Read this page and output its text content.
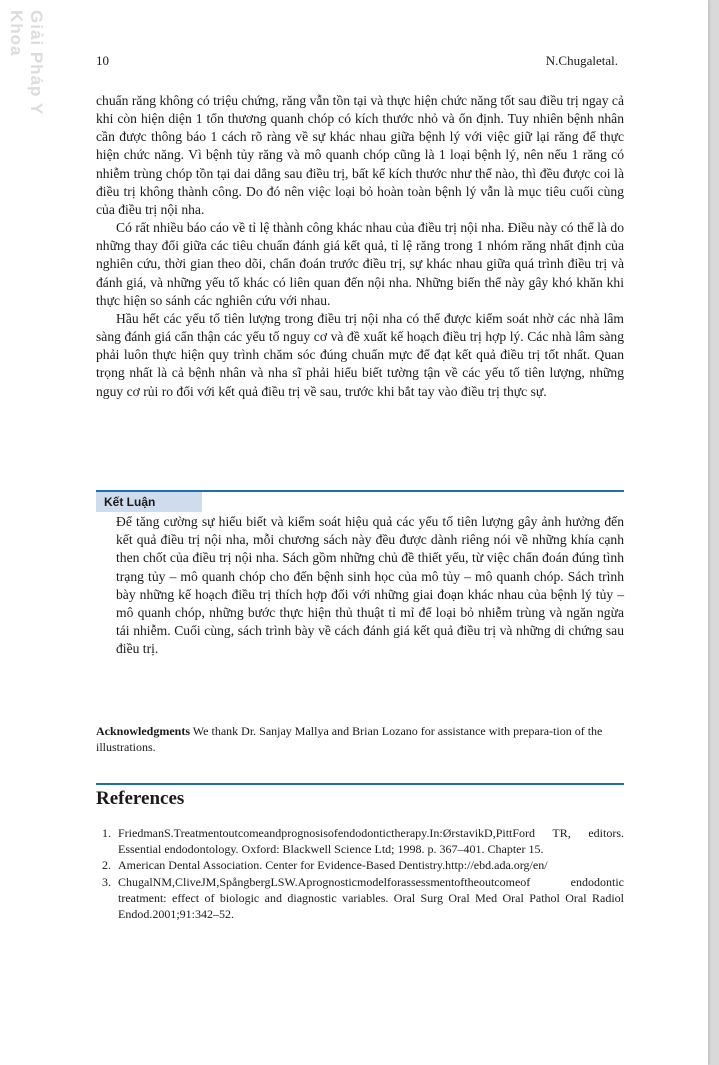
Giải Pháp Y Khoa
10	N.Chugaletal.

chuẩn răng không có triệu chứng, răng vẫn tồn tại và thực hiện chức năng tốt sau điều trị ngay cả khi còn hiện diện 1 tổn thương quanh chóp có kích thước nhỏ và ổn định. Tuy nhiên bệnh nhân cần được thông báo 1 cách rõ ràng về sự khác nhau giữa bệnh lý với việc giữ lại răng để thực hiện chức năng. Vì bệnh tủy răng và mô quanh chóp cũng là 1 loại bệnh lý, nên nếu 1 răng có nhiễm trùng chóp tồn tại dai dẳng sau điều trị, bất kể kích thước như thế nào, thì đều được coi là điều trị không thành công. Do đó nên việc loại bỏ hoàn toàn bệnh lý vẫn là mục tiêu cuối cùng của điều trị nội nha.

Có rất nhiều báo cáo về tỉ lệ thành công khác nhau của điều trị nội nha. Điều này có thể là do những thay đổi giữa các tiêu chuẩn đánh giá kết quả, tỉ lệ răng trong 1 nhóm răng nhất định của nghiên cứu, thời gian theo dõi, chẩn đoán trước điều trị, sự khác nhau giữa quá trình điều trị và đánh giá, và những yếu tố khác có liên quan đến nội nha. Những biến thể này gây khó khăn khi thực hiện so sánh các nghiên cứu với nhau.

Hầu hết các yếu tố tiên lượng trong điều trị nội nha có thể được kiểm soát nhờ các nhà lâm sàng đánh giá cẩn thận các yếu tố nguy cơ và đề xuất kế hoạch điều trị hợp lý. Các nhà lâm sàng phải luôn thực hiện quy trình chăm sóc đúng chuẩn mực để đạt kết quả điều trị tốt nhất. Quan trọng nhất là cả bệnh nhân và nha sĩ phải hiểu biết tường tận về các yếu tố tiên lượng, những nguy cơ rủi ro đối với kết quả điều trị về sau, trước khi bắt tay vào điều trị thực sự.

Kết Luận

Để tăng cường sự hiểu biết và kiểm soát hiệu quả các yếu tố tiên lượng gây ảnh hưởng đến kết quả điều trị nội nha, mỗi chương sách này đều được dành riêng nói về những khía cạnh then chốt của điều trị nội nha. Sách gồm những chủ đề thiết yếu, từ việc chẩn đoán đúng tình trạng tủy – mô quanh chóp cho đến bệnh sinh học của mô tủy – mô quanh chóp. Sách trình bày những kế hoạch điều trị thích hợp đối với những giai đoạn khác nhau của bệnh lý tủy – mô quanh chóp, những bước thực hiện thủ thuật tỉ mỉ để loại bỏ nhiễm trùng và ngăn ngừa tái nhiễm. Cuối cùng, sách trình bày về cách đánh giá kết quả điều trị và những di chứng sau điều trị.

Acknowledgments We thank Dr. Sanjay Mallya and Brian Lozano for assistance with prepara-tion of the illustrations.
References
1. FriedmanS.Treatmentoutcomeandprognosisofendodontictherapy.In:ØrstavikD,PittFord TR, editors. Essential endodontology. Oxford: Blackwell Science Ltd; 1998. p. 367–401. Chapter 15.
2. American Dental Association. Center for Evidence-Based Dentistry.http://ebd.ada.org/en/
3. ChugalNM,CliveJM,SpångbergLSW.Aprognosticmodelforassessmentoftheoutcomeof endodontic treatment: effect of biologic and diagnostic variables. Oral Surg Oral Med Oral Pathol Oral Radiol Endod.2001;91:342–52.
